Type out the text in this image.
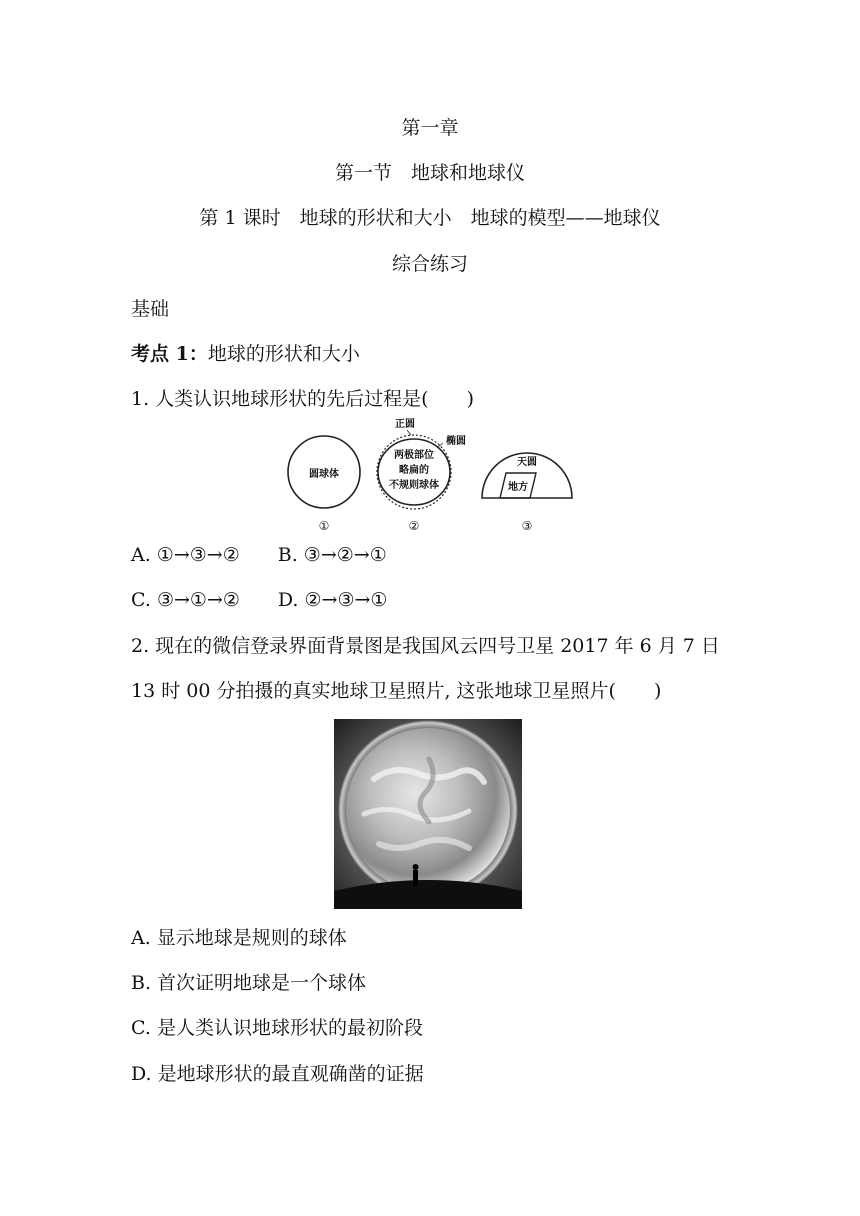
第一章
第一节　地球和地球仪
第 1 课时　地球的形状和大小　地球的模型——地球仪
综合练习
基础
考点 1：地球的形状和大小
1. 人类认识地球形状的先后过程是(　　)
圆球体
两极部位
略扁的
不规则球体
正圆
椭圆
天圆
地方
①	②	③
A. ①→③→②　　B. ③→②→①
C. ③→①→②　　D. ②→③→①
2. 现在的微信登录界面背景图是我国风云四号卫星 2017 年 6 月 7 日
13 时 00 分拍摄的真实地球卫星照片, 这张地球卫星照片(　　)
A. 显示地球是规则的球体
B. 首次证明地球是一个球体
C. 是人类认识地球形状的最初阶段
D. 是地球形状的最直观确凿的证据
